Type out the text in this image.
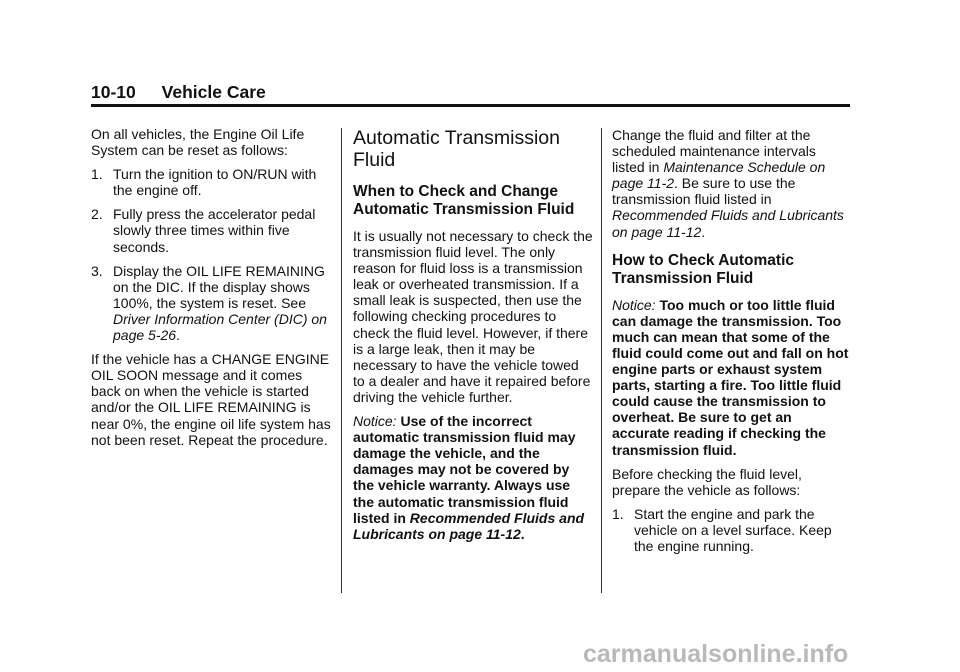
10-10 Vehicle Care

On all vehicles, the Engine Oil Life System can be reset as follows:

1. Turn the ignition to ON/RUN with the engine off.
2. Fully press the accelerator pedal slowly three times within five seconds.
3. Display the OIL LIFE REMAINING on the DIC. If the display shows 100%, the system is reset. See Driver Information Center (DIC) on page 5-26.

If the vehicle has a CHANGE ENGINE OIL SOON message and it comes back on when the vehicle is started and/or the OIL LIFE REMAINING is near 0%, the engine oil life system has not been reset. Repeat the procedure.

Automatic Transmission Fluid
When to Check and Change Automatic Transmission Fluid

It is usually not necessary to check the transmission fluid level. The only reason for fluid loss is a transmission leak or overheated transmission. If a small leak is suspected, then use the following checking procedures to check the fluid level. However, if there is a large leak, then it may be necessary to have the vehicle towed to a dealer and have it repaired before driving the vehicle further.

Notice: Use of the incorrect automatic transmission fluid may damage the vehicle, and the damages may not be covered by the vehicle warranty. Always use the automatic transmission fluid listed in Recommended Fluids and Lubricants on page 11-12.

Change the fluid and filter at the scheduled maintenance intervals listed in Maintenance Schedule on page 11-2. Be sure to use the transmission fluid listed in Recommended Fluids and Lubricants on page 11-12.

How to Check Automatic Transmission Fluid

Notice: Too much or too little fluid can damage the transmission. Too much can mean that some of the fluid could come out and fall on hot engine parts or exhaust system parts, starting a fire. Too little fluid could cause the transmission to overheat. Be sure to get an accurate reading if checking the transmission fluid.

Before checking the fluid level, prepare the vehicle as follows:

1. Start the engine and park the vehicle on a level surface. Keep the engine running.
carmanualsonline.info
